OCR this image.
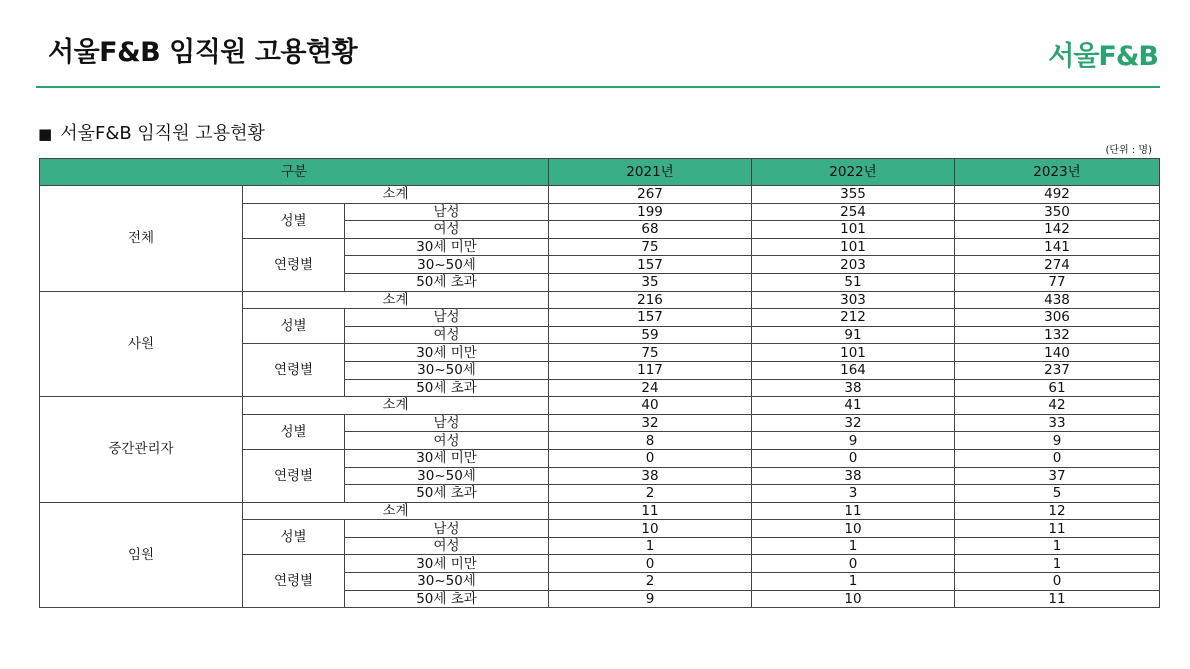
서울F&B 임직원 고용현황	서울F&B
■ 서울F&B 임직원 고용현황
(단위 : 명)
구분			2021년	2022년	2023년
전체	소계		267	355	492
	성별	남성	199	254	350
		여성	68	101	142
	연령별	30세 미만	75	101	141
		30~50세	157	203	274
		50세 초과	35	51	77
사원	소계		216	303	438
	성별	남성	157	212	306
		여성	59	91	132
	연령별	30세 미만	75	101	140
		30~50세	117	164	237
		50세 초과	24	38	61
중간관리자	소계		40	41	42
	성별	남성	32	32	33
		여성	8	9	9
	연령별	30세 미만	0	0	0
		30~50세	38	38	37
		50세 초과	2	3	5
임원	소계		11	11	12
	성별	남성	10	10	11
		여성	1	1	1
	연령별	30세 미만	0	0	1
		30~50세	2	1	0
		50세 초과	9	10	11
